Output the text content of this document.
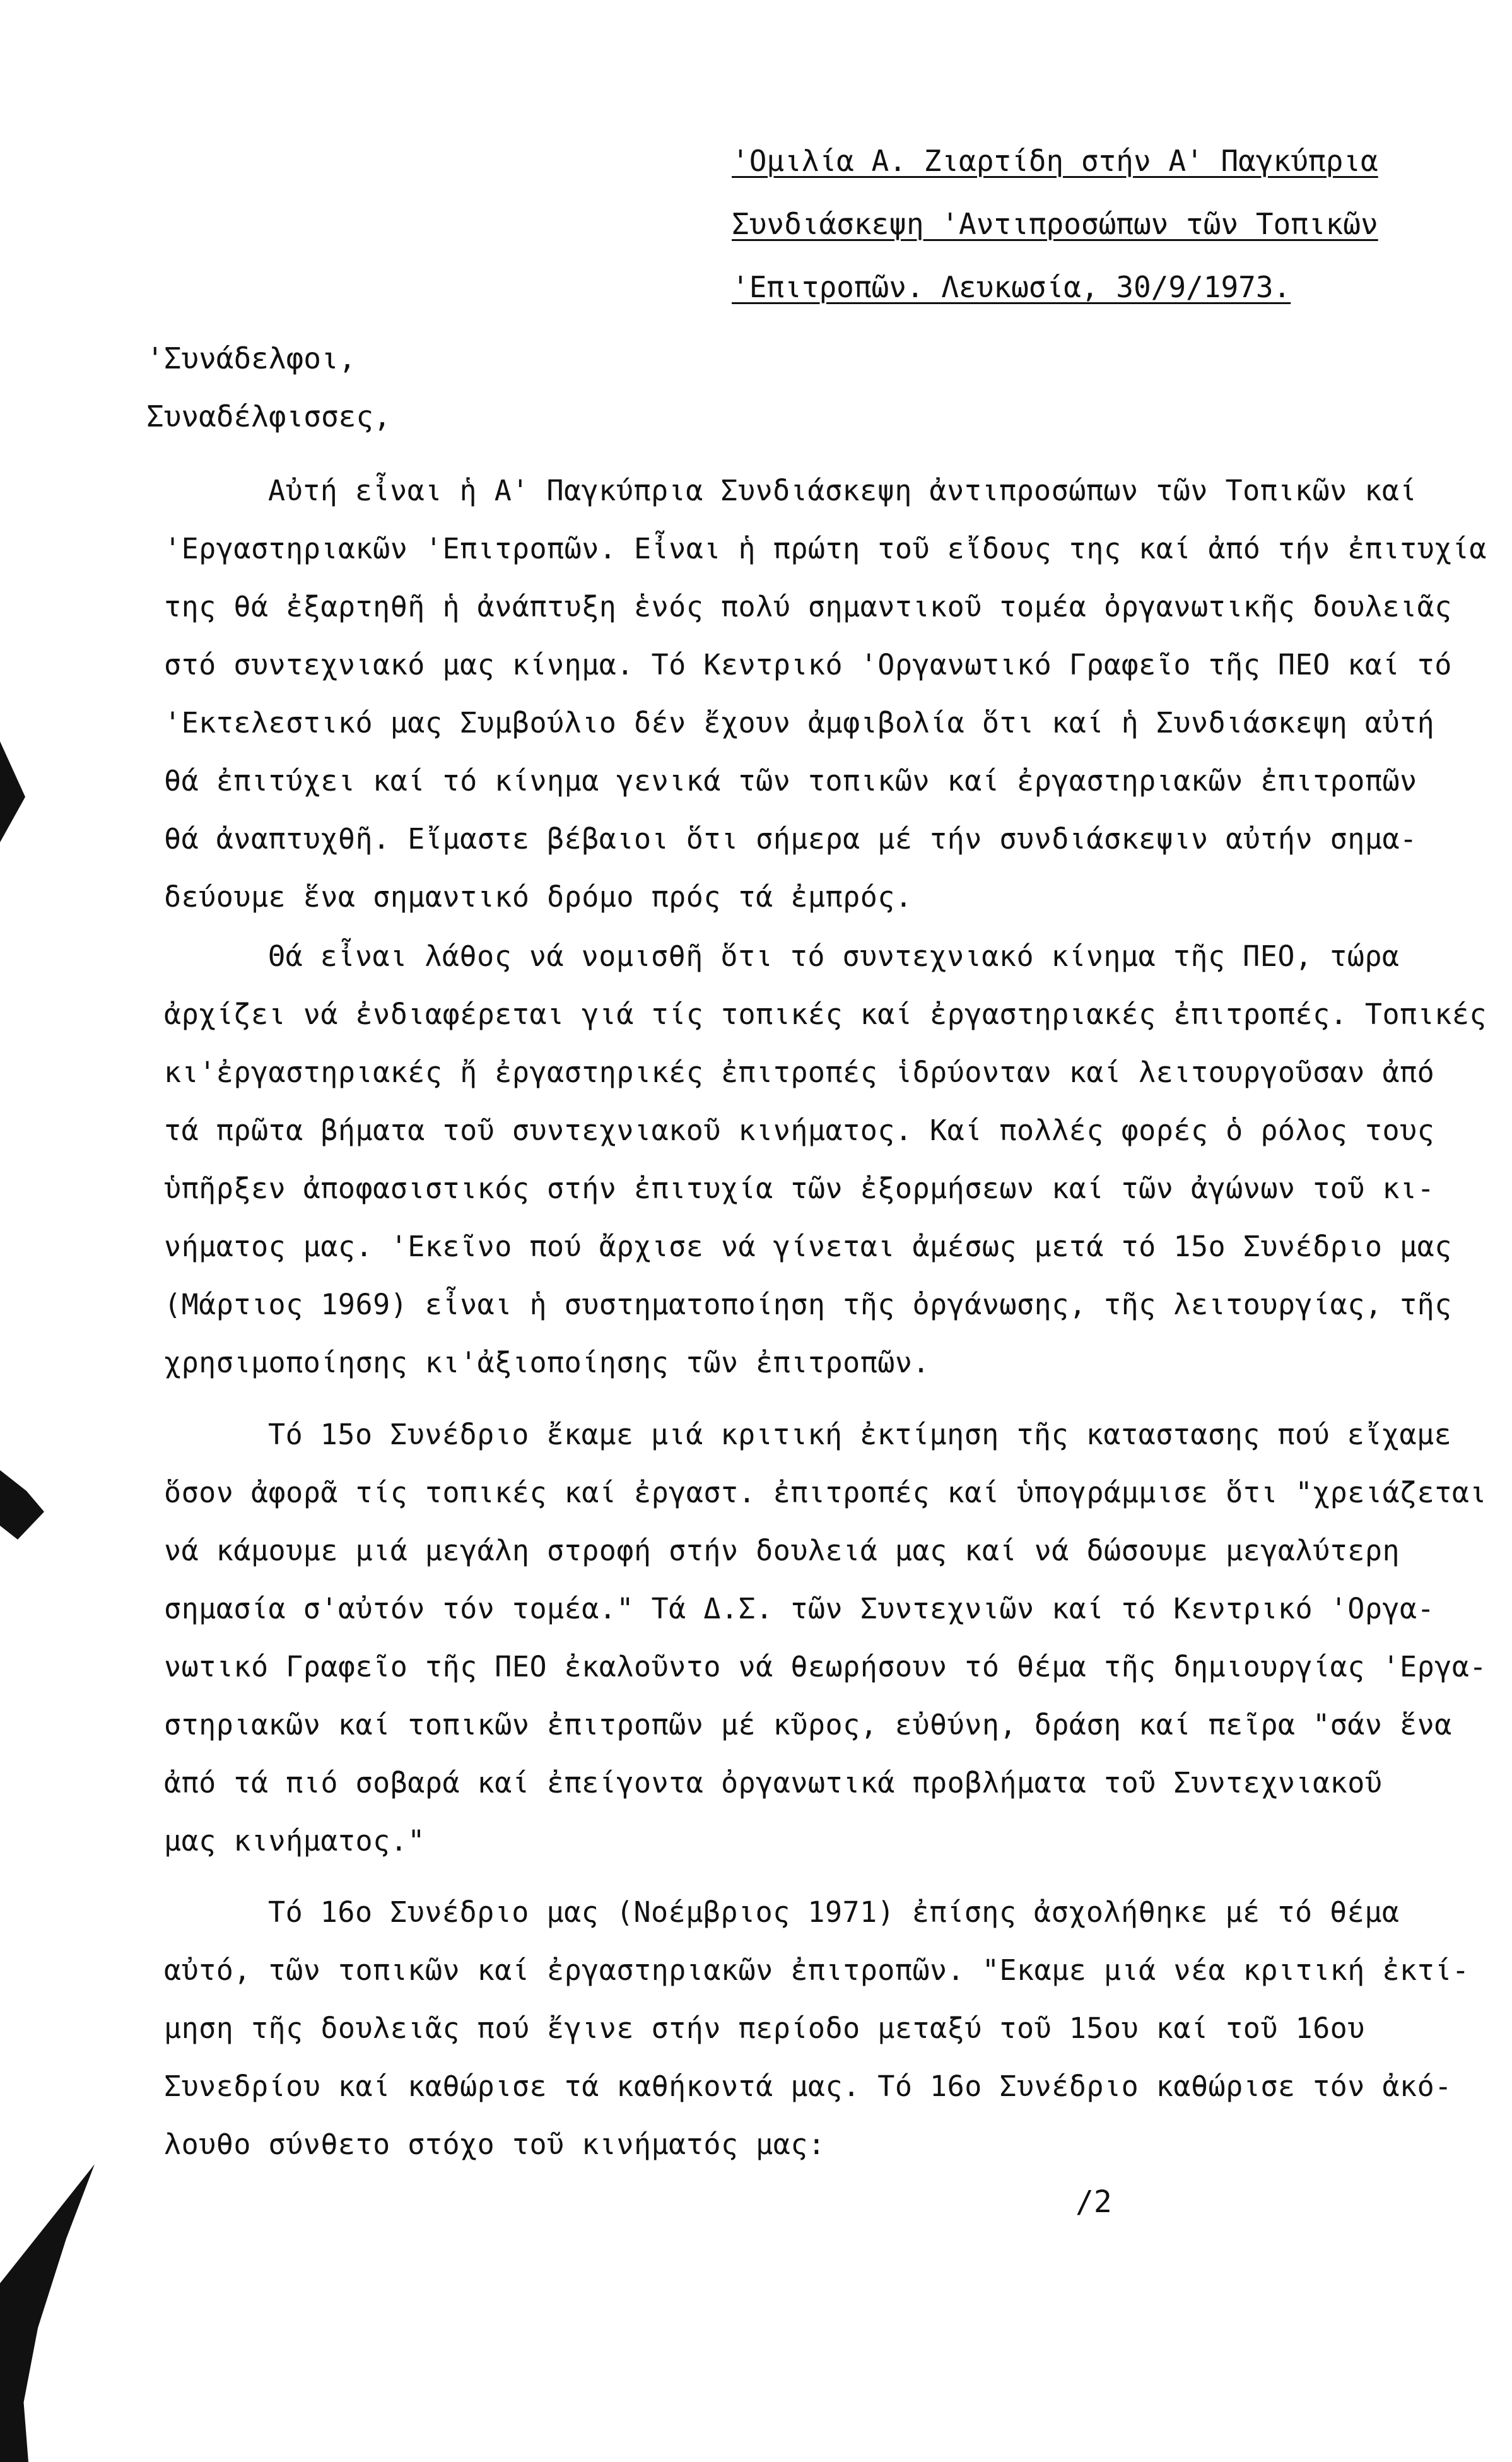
'Ομιλία Α. Ζιαρτίδη στήν Α' Παγκύπρια
Συνδιάσκεψη 'Αντιπροσώπων τῶν Τοπικῶν
'Επιτροπῶν. Λευκωσία, 30/9/1973.
'Συνάδελφοι,
Συναδέλφισσες,
Αὐτή εἶναι ἡ Α' Παγκύπρια Συνδιάσκεψη ἀντιπροσώπων τῶν Τοπικῶν καί
'Εργαστηριακῶν 'Επιτροπῶν. Εἶναι ἡ πρώτη τοῦ εἴδους της καί ἀπό τήν ἐπιτυχία
της θά ἐξαρτηθῆ ἡ ἀνάπτυξη ἑνός πολύ σημαντικοῦ τομέα ὀργανωτικῆς δουλειᾶς
στό συντεχνιακό μας κίνημα. Τό Κεντρικό 'Οργανωτικό Γραφεῖο τῆς ΠΕΟ καί τό
'Εκτελεστικό μας Συμβούλιο δέν ἔχουν ἀμφιβολία ὅτι καί ἡ Συνδιάσκεψη αὐτή
θά ἐπιτύχει καί τό κίνημα γενικά τῶν τοπικῶν καί ἐργαστηριακῶν ἐπιτροπῶν
θά ἀναπτυχθῆ. Εἴμαστε βέβαιοι ὅτι σήμερα μέ τήν συνδιάσκεψιν αὐτήν σημα-
δεύουμε ἕνα σημαντικό δρόμο πρός τά ἐμπρός.
Θά εἶναι λάθος νά νομισθῆ ὅτι τό συντεχνιακό κίνημα τῆς ΠΕΟ, τώρα
ἀρχίζει νά ἐνδιαφέρεται γιά τίς τοπικές καί ἐργαστηριακές ἐπιτροπές. Τοπικές
κι'ἐργαστηριακές ἤ ἐργαστηρικές ἐπιτροπές ἱδρύονταν καί λειτουργοῦσαν ἀπό
τά πρῶτα βήματα τοῦ συντεχνιακοῦ κινήματος. Καί πολλές φορές ὁ ρόλος τους
ὑπῆρξεν ἀποφασιστικός στήν ἐπιτυχία τῶν ἐξορμήσεων καί τῶν ἀγώνων τοῦ κι-
νήματος μας. 'Εκεῖνο πού ἄρχισε νά γίνεται ἀμέσως μετά τό 15ο Συνέδριο μας
(Μάρτιος 1969) εἶναι ἡ συστηματοποίηση τῆς ὀργάνωσης, τῆς λειτουργίας, τῆς
χρησιμοποίησης κι'ἀξιοποίησης τῶν ἐπιτροπῶν.
Τό 15ο Συνέδριο ἔκαμε μιά κριτική ἐκτίμηση τῆς καταστασης πού εἴχαμε
ὅσον ἀφορᾶ τίς τοπικές καί ἐργαστ. ἐπιτροπές καί ὑπογράμμισε ὅτι "χρειάζεται
νά κάμουμε μιά μεγάλη στροφή στήν δουλειά μας καί νά δώσουμε μεγαλύτερη
σημασία σ'αὐτόν τόν τομέα." Τά Δ.Σ. τῶν Συντεχνιῶν καί τό Κεντρικό 'Οργα-
νωτικό Γραφεῖο τῆς ΠΕΟ ἐκαλοῦντο νά θεωρήσουν τό θέμα τῆς δημιουργίας 'Εργα-
στηριακῶν καί τοπικῶν ἐπιτροπῶν μέ κῦρος, εὐθύνη, δράση καί πεῖρα "σάν ἕνα
ἀπό τά πιό σοβαρά καί ἐπείγοντα ὀργανωτικά προβλήματα τοῦ Συντεχνιακοῦ
μας κινήματος."
Τό 16ο Συνέδριο μας (Νοέμβριος 1971) ἐπίσης ἀσχολήθηκε μέ τό θέμα
αὐτό, τῶν τοπικῶν καί ἐργαστηριακῶν ἐπιτροπῶν. "Εκαμε μιά νέα κριτική ἐκτί-
μηση τῆς δουλειᾶς πού ἔγινε στήν περίοδο μεταξύ τοῦ 15ου καί τοῦ 16ου
Συνεδρίου καί καθώρισε τά καθήκοντά μας. Τό 16ο Συνέδριο καθώρισε τόν ἀκό-
λουθο σύνθετο στόχο τοῦ κινήματός μας:
/2
